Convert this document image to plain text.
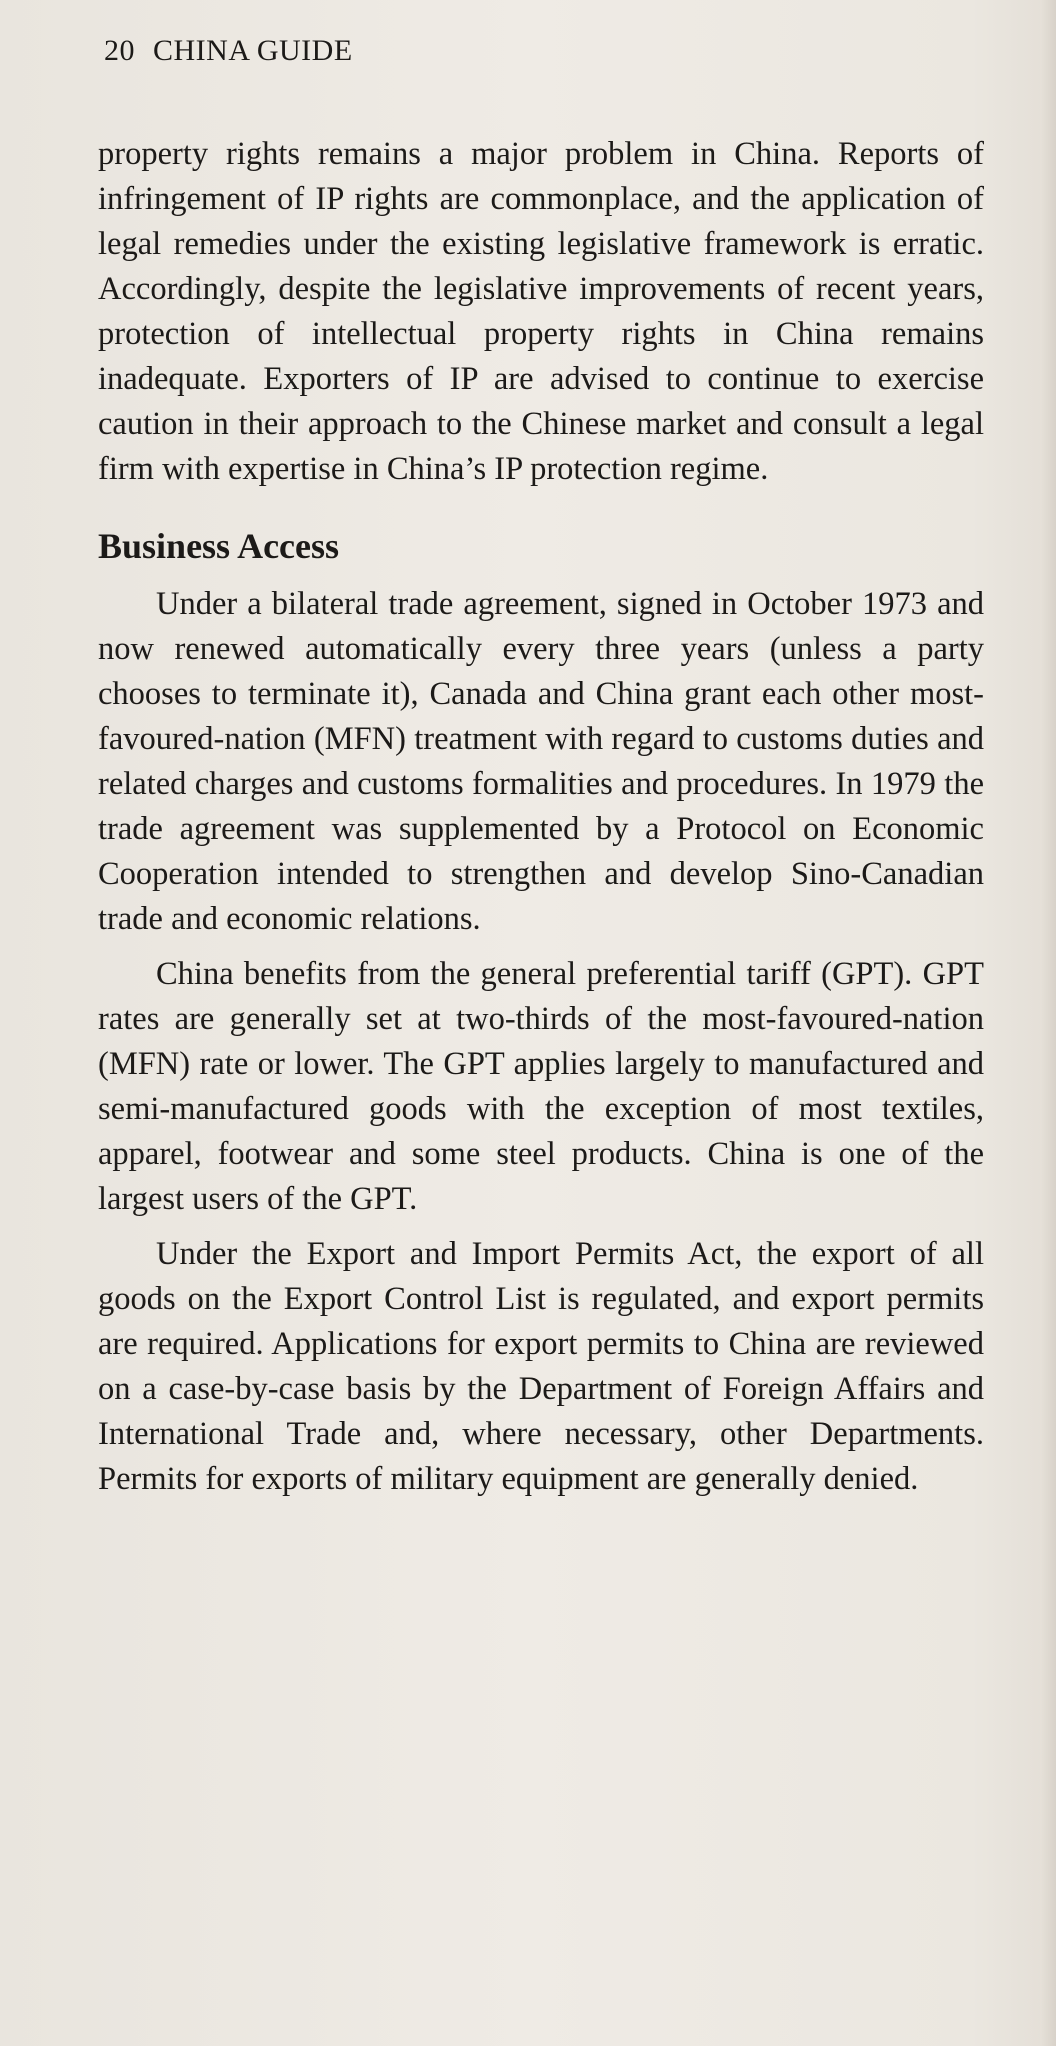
20 CHINA GUIDE

property rights remains a major problem in China. Reports of infringement of IP rights are commonplace, and the application of legal remedies under the existing legislative framework is erratic. Accordingly, despite the legislative improvements of recent years, protection of intellectual property rights in China remains inadequate. Exporters of IP are advised to continue to exercise caution in their approach to the Chinese market and consult a legal firm with expertise in China’s IP protection regime.

Business Access

Under a bilateral trade agreement, signed in October 1973 and now renewed automatically every three years (unless a party chooses to terminate it), Canada and China grant each other most-favoured-nation (MFN) treatment with regard to customs duties and related charges and customs formalities and procedures. In 1979 the trade agreement was supplemented by a Protocol on Economic Cooperation intended to strengthen and develop Sino-Canadian trade and economic relations.

China benefits from the general preferential tariff (GPT). GPT rates are generally set at two-thirds of the most-favoured-nation (MFN) rate or lower. The GPT applies largely to manufactured and semi-manufactured goods with the exception of most textiles, apparel, footwear and some steel products. China is one of the largest users of the GPT.

Under the Export and Import Permits Act, the export of all goods on the Export Control List is regulated, and export permits are required. Applications for export permits to China are reviewed on a case-by-case basis by the Department of Foreign Affairs and International Trade and, where necessary, other Departments. Permits for exports of military equipment are generally denied.
